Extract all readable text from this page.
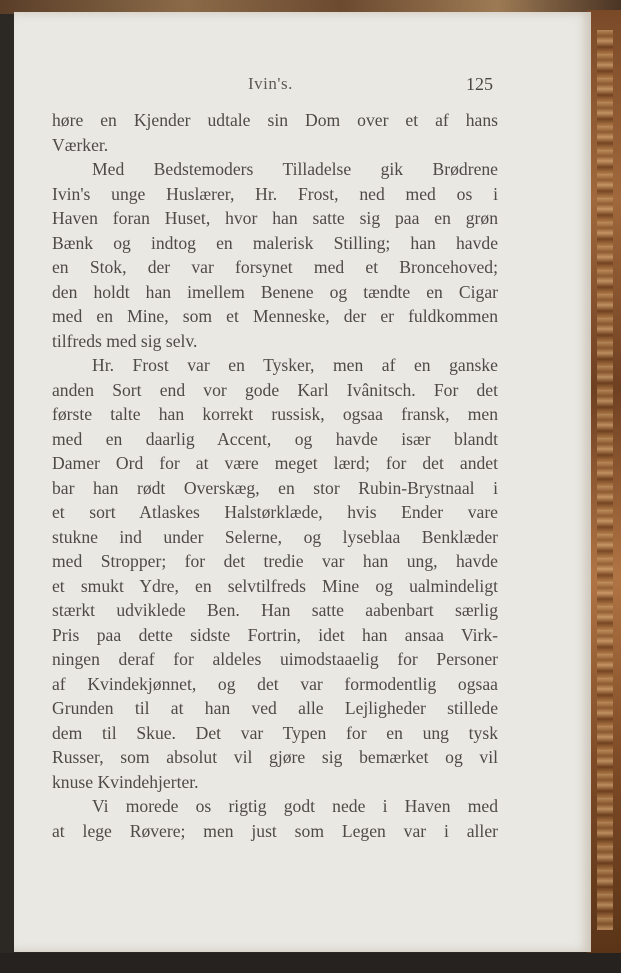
Ivin's.	125
høre en Kjender udtale sin Dom over et af hans
Værker.
Med Bedstemoders Tilladelse gik Brødrene
Ivin's unge Huslærer, Hr. Frost, ned med os i
Haven foran Huset, hvor han satte sig paa en grøn
Bænk og indtog en malerisk Stilling; han havde
en Stok, der var forsynet med et Broncehoved;
den holdt han imellem Benene og tændte en Cigar
med en Mine, som et Menneske, der er fuldkommen
tilfreds med sig selv.
Hr. Frost var en Tysker, men af en ganske
anden Sort end vor gode Karl Ivânitsch. For det
første talte han korrekt russisk, ogsaa fransk, men
med en daarlig Accent, og havde især blandt
Damer Ord for at være meget lærd; for det andet
bar han rødt Overskæg, en stor Rubin-Brystnaal i
et sort Atlaskes Halstørklæde, hvis Ender vare
stukne ind under Selerne, og lyseblaa Benklæder
med Stropper; for det tredie var han ung, havde
et smukt Ydre, en selvtilfreds Mine og ualmindeligt
stærkt udviklede Ben. Han satte aabenbart særlig
Pris paa dette sidste Fortrin, idet han ansaa Virk-
ningen deraf for aldeles uimodstaaelig for Personer
af Kvindekjønnet, og det var formodentlig ogsaa
Grunden til at han ved alle Lejligheder stillede
dem til Skue. Det var Typen for en ung tysk
Russer, som absolut vil gjøre sig bemærket og vil
knuse Kvindehjerter.
Vi morede os rigtig godt nede i Haven med
at lege Røvere; men just som Legen var i aller
